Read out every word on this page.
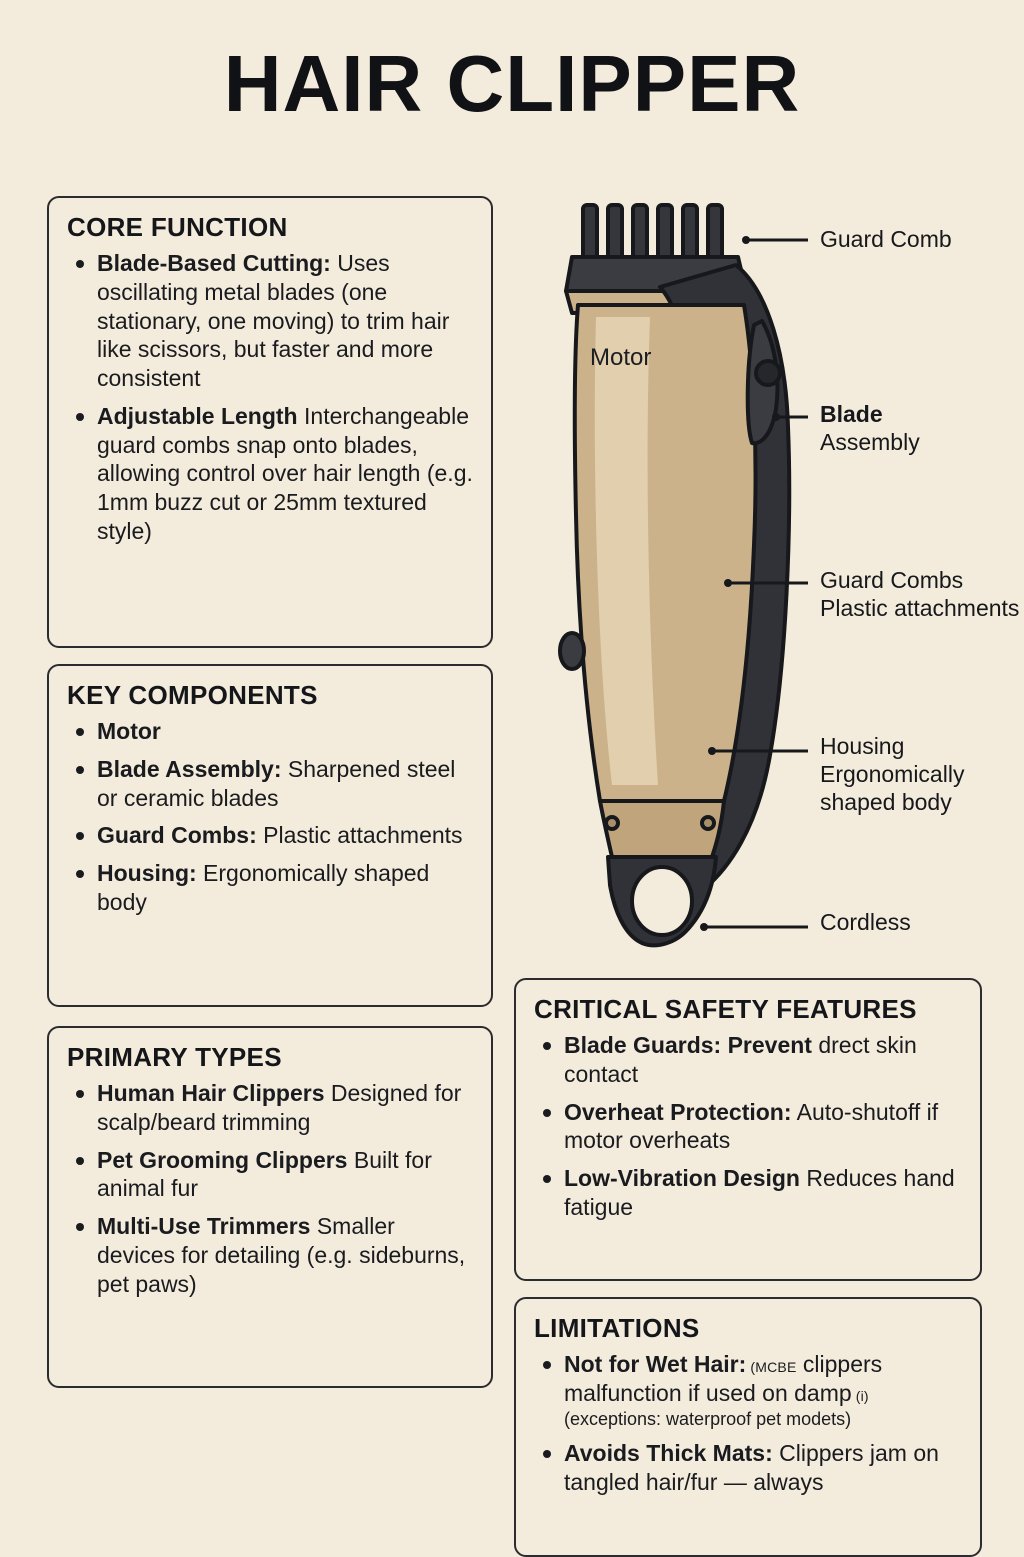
HAIR CLIPPER
CORE FUNCTION
Blade-Based Cutting: Uses oscillating metal blades (one stationary, one moving) to trim hair like scissors, but faster and more consistent
Adjustable Length Interchangeable guard combs snap onto blades, allowing control over hair length (e.g. 1mm buzz cut or 25mm textured style)
KEY COMPONENTS
Motor
Blade Assembly: Sharpened steel or ceramic blades
Guard Combs: Plastic attachments
Housing: Ergonomically shaped body
PRIMARY TYPES
Human Hair Clippers Designed for scalp/beard trimming
Pet Grooming Clippers Built for animal fur
Multi-Use Trimmers Smaller devices for detailing (e.g. sideburns, pet paws)
CRITICAL SAFETY FEATURES
Blade Guards: Prevent drect skin contact
Overheat Protection: Auto-shutoff if motor overheats
Low-Vibration Design Reduces hand fatigue
LIMITATIONS
Not for Wet Hair: (MCBE clippers malfunction if used on damp (i)
(exceptions: waterproof pet modets)
Avoids Thick Mats: Clippers jam on tangled hair/fur — always
Motor
Guard Comb
Blade
Assembly
Guard Combs
Plastic attachments
Housing
Ergonomically shaped body
Cordless
